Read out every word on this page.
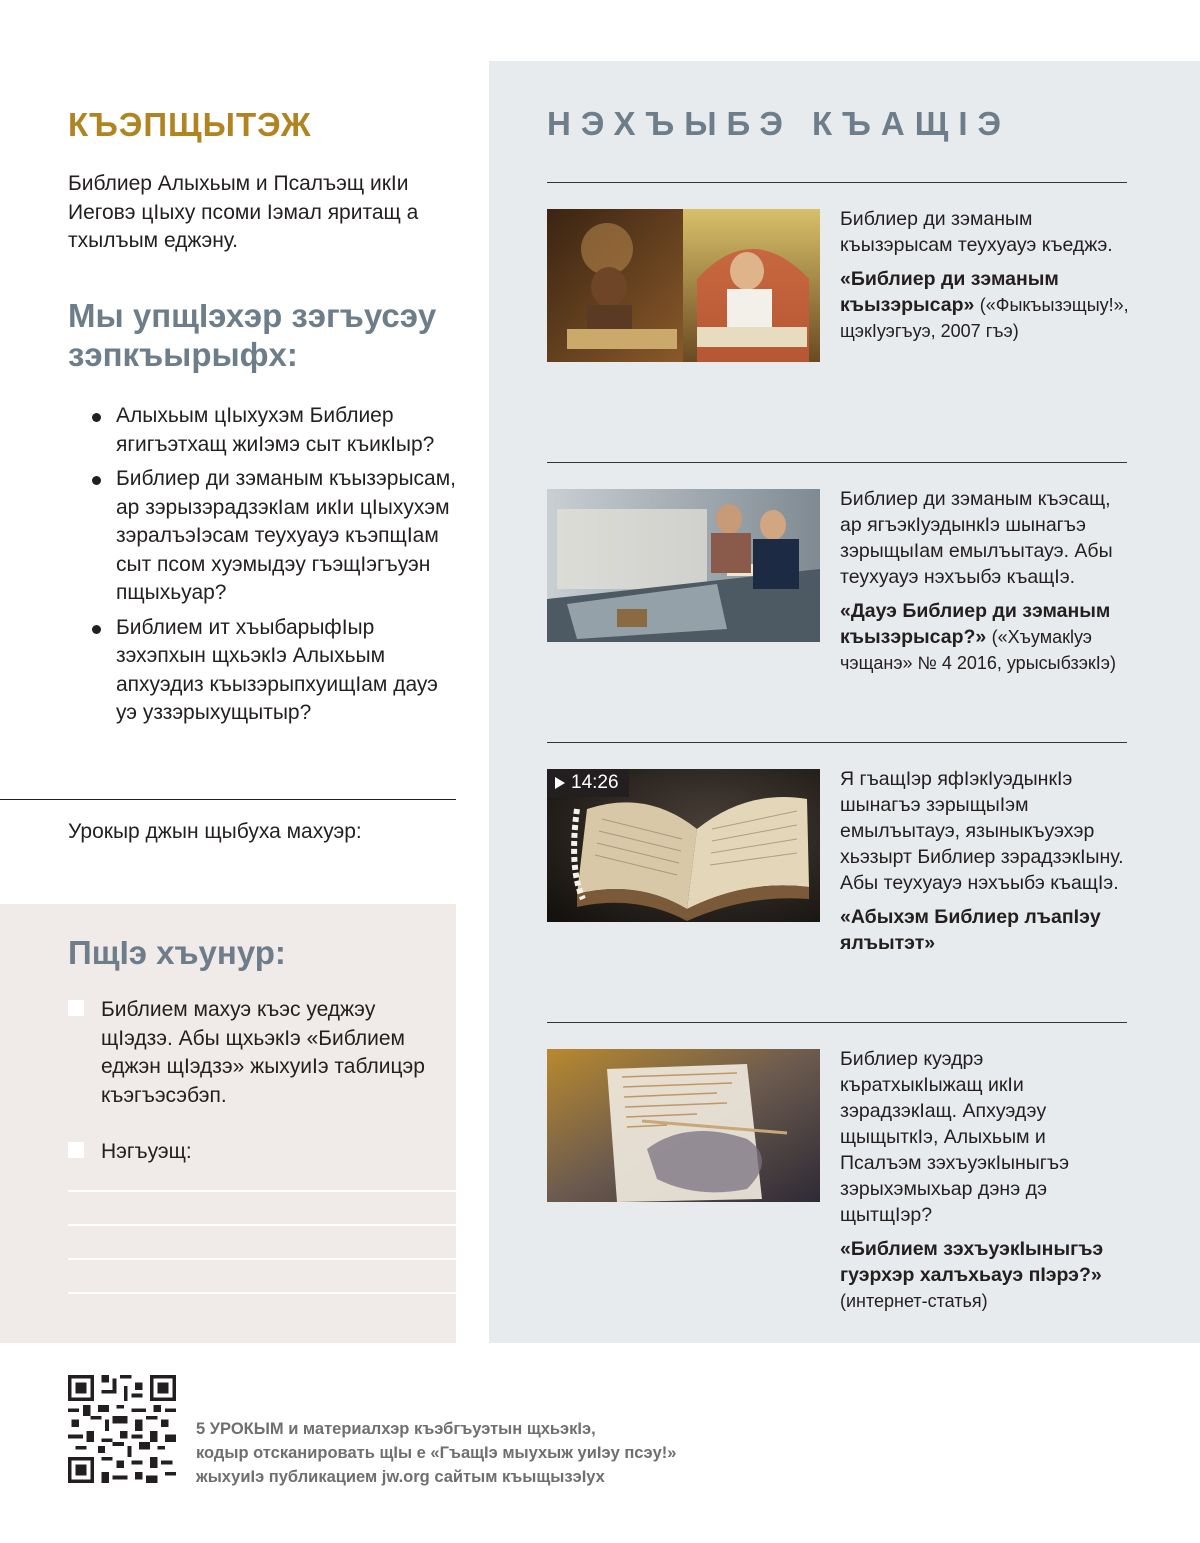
КЪЭПЩЫТЭЖ

Библиер Алыхьым и Псалъэщ икIи Иеговэ цIыху псоми Iэмал яритащ а тхылъым еджэну.

Мы упщIэхэр зэгъусэу зэпкъырыфх:
Алыхьым цIыхухэм Библиер ягигъэтхащ жиIэмэ сыт къикIыр?
Библиер ди зэманым къызэрысам, ар зэрызэрадзэкIам икIи цIыхухэм зэралъэIэсам теухуауэ къэпщIам сыт псом хуэмыдэу гъэщIэгъуэн пщыхьуар?
Библием ит хъыбарыфIыр зэхэпхын щхьэкIэ Алыхьым апхуэдиз къызэрыпхуищIам дауэ уэ уззэрыхущытыр?

Урокыр джын щыбуха махуэр:

ПщIэ хъунур:
Библием махуэ къэс уеджэу щIэдзэ. Абы щхьэкIэ «Библием еджэн щIэдзэ» жыхуиIэ таблицэр къэгъэсэбэп.
Нэгъуэщ:
НЭХЪЫБЭ КЪАЩIЭ
Библиер ди зэманым къызэрысам теухуауэ къеджэ.
«Библиер ди зэманым къызэрысар» («Фыкъызэщыу!», щэкIуэгъуэ, 2007 гъэ)
Библиер ди зэманым къэсащ, ар ягъэкIуэдынкIэ шынагъэ зэрыщыIам емылъытауэ. Абы теухуауэ нэхъыбэ къащIэ.
«Дауэ Библиер ди зэманым къызэрысар?» («Хъумакlуэ чэщанэ» № 4 2016, урысыбзэкIэ)
14:26	Я гъащIэр яфIэкIуэдынкIэ шынагъэ зэрыщыIэм емылъытауэ, языныкъуэхэр хьэзырт Библиер зэрадзэкIыну. Абы теухуауэ нэхъыбэ къащIэ.
«Абыхэм Библиер лъапIэу ялъытэт»
Библиер куэдрэ къратхыкIыжащ икIи зэрадзэкIащ. Апхуэдэу щыщыткIэ, Алыхьым и Псалъэм зэхъуэкIыныгъэ зэрыхэмыхьар дэнэ дэ щытщIэр?
«Библием зэхъуэкIыныгъэ гуэрхэр халъхьауэ пIэрэ?» (интернет-статья)
5 УРОКЫМ и материалхэр къэбгъуэтын щхьэкIэ,
кодыр отсканировать щIы е «ГъащIэ мыухыж уиIэу псэу!»
жыхуиIэ публикацием jw.org сайтым къыщызэIух
